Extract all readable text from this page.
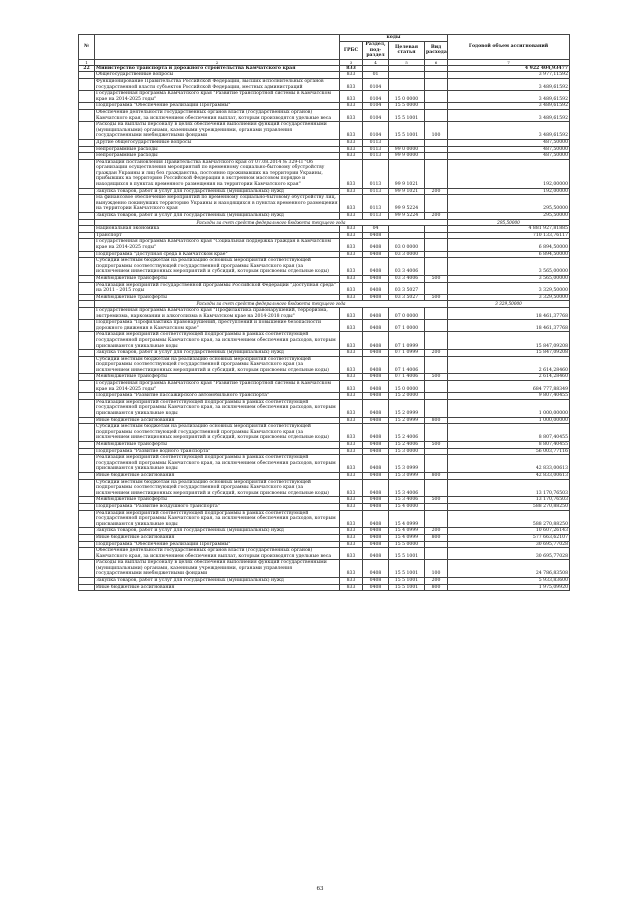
№		коды				Годовой объем ассигнований
		ГРБС	Раздел, под-раздел	Целевая статья	Вид расхода	
1	2	3	4	5	6	7
22	Министерство транспорта и дорожного строительства Камчатского края	833				4 922 404,93477
	Общегосударственные вопросы	833	01			3 977,11592
	Функционирование Правительства Российской Федерации, высших исполнительных органов государственной власти субъектов Российской Федерации, местных администраций	833	0104			3 489,61592
	Государственная программа Камчатского края "Развитие транспортной системы в Камчатском крае на 2014-2025 годы"	833	0104	15 0 0000		3 489,61592
	Подпрограмма "Обеспечение реализации Программы"	833	0104	15 5 0000		3 489,61592
	Обеспечение деятельности государственных органов власти (государственных органов) Камчатского края, за исключением обеспечения выплат, которым производятся удельные веса	833	0104	15 5 1001		3 489,61592
	Расходы на выплаты персоналу в целях обеспечения выполнения функций государственными (муниципальными) органами, казенными учреждениями, органами управления государственными внебюджетными фондами	833	0104	15 5 1001	100	3 489,61592
	Другие общегосударственные вопросы	833	0113			487,50000
	Непрограммные расходы	833	0113	99 0 0000		487,50000
	Непрограммные расходы	833	0113	99 9 0000		487,50000
	Реализация постановления Правительства Камчатского края от 07.08.2014 № 329-П "Об организации осуществления мероприятий по временному социально-бытовому обустройству граждан Украины и лиц без гражданства, постоянно проживавших на территории Украины, прибывших на территорию Российской Федерации в экстренном массовом порядке и находящихся в пунктах временного размещения на территории Камчатского края"	833	0113	99 9 1021		192,00000
	Закупка товаров, работ и услуг для государственных (муниципальных) нужд	833	0113	99 9 1021	200	192,00000
	На финансовое обеспечение мероприятий по временному социально-бытовому обустройству лиц, вынужденно покинувших территорию Украины и находящихся в пунктах временного размещения на территории Камчатского края	833	0113	99 9 5224		295,50000
	Закупка товаров, работ и услуг для государственных (муниципальных) нужд	833	0113	99 9 5224	200	295,50000
	Расходы за счет средств федерального бюджета текущего года					295,50000
	Национальная экономика	833	04			4 881 927,81885
	Транспорт	833	0408			710 133,76117
	Государственная программа Камчатского края "Социальная поддержка граждан в Камчатском крае на 2014-2025 годы"	833	0408	03 0 0000		6 894,50000
	Подпрограмма "Доступная среда в Камчатском крае"	833	0408	03 3 0000		6 894,50000
	Субсидии местным бюджетам на реализацию основных мероприятий соответствующей подпрограммы соответствующей государственной программы Камчатского края (за исключением инвестиционных мероприятий и субсидий, которым присвоены отдельные коды)	833	0408	03 3 4006		3 565,00000
	Межбюджетные трансферты	833	0408	03 3 4006	500	3 565,00000
	Реализация мероприятий государственной программы Российской Федерации "Доступная среда" на 2011 - 2015 годы	833	0408	03 3 5027		3 329,50000
	Межбюджетные трансферты	833	0408	03 3 5027	500	3 329,50000
	Расходы за счет средств федерального бюджета текущего года					3 329,50000
	Государственная программа Камчатского края "Профилактика правонарушений, терроризма, экстремизма, наркомании и алкоголизма в Камчатском крае на 2014-2018 годы"	833	0408	07 0 0000		18 461,37768
	Подпрограмма "Профилактика правонарушений, преступлений и повышение безопасности дорожного движения в Камчатском крае"	833	0408	07 1 0000		18 461,37768
	Реализация мероприятий соответствующей подпрограммы в рамках соответствующей государственной программы Камчатского края, за исключением обеспечения расходов, которым присваиваются уникальные коды	833	0408	07 1 0999		15 847,09208
	Закупка товаров, работ и услуг для государственных (муниципальных) нужд	833	0408	07 1 0999	200	15 847,09208
	Субсидии местным бюджетам на реализацию основных мероприятий соответствующей подпрограммы соответствующей государственной программы Камчатского края (за исключением инвестиционных мероприятий и субсидий, которым присвоены отдельные коды)	833	0408	07 1 4006		2 614,28460
	Межбюджетные трансферты	833	0408	07 1 4006	500	2 614,28460
	Государственная программа Камчатского края "Развитие транспортной системы в Камчатском крае на 2014-2025 годы"	833	0408	15 0 0000		684 777,88349
	Подпрограмма "Развитие пассажирского автомобильного транспорта"	833	0408	15 2 0000		9 807,40455
	Реализация мероприятий соответствующей подпрограммы в рамках соответствующей государственной программы Камчатского края, за исключением обеспечения расходов, которым присваиваются уникальные коды	833	0408	15 2 0999		1 000,00000
	Иные бюджетные ассигнования	833	0408	15 2 0999	800	1 000,00000
	Субсидии местным бюджетам на реализацию основных мероприятий соответствующей подпрограммы соответствующей государственной программы Камчатского края (за исключением инвестиционных мероприятий и субсидий, которым присвоены отдельные коды)	833	0408	15 2 4006		8 807,40455
	Межбюджетные трансферты	833	0408	15 2 4006	500	8 807,40455
	Подпрограмма "Развитие водного транспорта"	833	0408	15 3 0000		56 003,77116
	Реализация мероприятий соответствующей подпрограммы в рамках соответствующей государственной программы Камчатского края, за исключением обеспечения расходов, которым присваиваются уникальные коды	833	0408	15 3 0999		42 833,00613
	Иные бюджетные ассигнования	833	0408	15 3 0999	800	42 833,00613
	Субсидии местным бюджетам на реализацию основных мероприятий соответствующей подпрограммы соответствующей государственной программы Камчатского края (за исключением инвестиционных мероприятий и субсидий, которым присвоены отдельные коды)	833	0408	15 3 4006		13 170,76503
	Межбюджетные трансферты	833	0408	15 3 4006	500	13 170,76503
	Подпрограмма "Развитие воздушного транспорта"	833	0408	15 4 0000		588 270,88250
	Реализация мероприятий соответствующей подпрограммы в рамках соответствующей государственной программы Камчатского края, за исключением обеспечения расходов, которым присваиваются уникальные коды	833	0408	15 4 0999		588 270,88250
	Закупка товаров, работ и услуг для государственных (муниципальных) нужд	833	0408	15 4 0999	200	10 607,26143
	Иные бюджетные ассигнования	833	0408	15 4 0999	800	577 663,62107
	Подпрограмма "Обеспечение реализации Программы"	833	0408	15 5 0000		30 695,77028
	Обеспечение деятельности государственных органов власти (государственных органов) Камчатского края, за исключением обеспечения выплат, которым производятся удельные веса	833	0408	15 5 1001		30 695,77028
	Расходы на выплаты персоналу в целях обеспечения выполнения функций государственными (муниципальными) органами, казенными учреждениями, органами управления государственными внебюджетными фондами	833	0408	15 5 1001	100	24 786,83508
	Закупка товаров, работ и услуг для государственных (муниципальных) нужд	833	0408	15 5 1001	200	5 933,83600
	Иные бюджетные ассигнования	833	0408	15 5 1001	800	1 975,09920
63
